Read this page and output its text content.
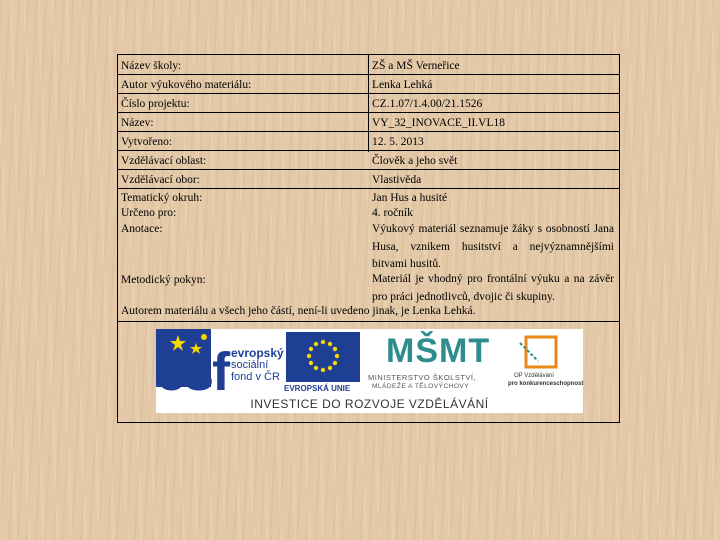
Název školy:	ZŠ a MŠ Verneřice
Autor výukového materiálu:	Lenka Lehká
Číslo projektu:	CZ.1.07/1.4.00/21.1526
Název:	VY_32_INOVACE_II.VL18
Vytvořeno:	12. 5. 2013
Vzdělávací oblast:	Člověk a jeho svět
Vzdělávací obor:	Vlastivěda
Tematický okruh:	Jan Hus a husité
Určeno pro:	4. ročník
Anotace:	Výukový materiál seznamuje žáky s osobností Jana Husa, vznikem husitství a nejvýznamnějšími bitvami husitů.
Metodický pokyn:	Materiál je vhodný pro frontální výuku a na závěr pro práci jednotlivců, dvojic či skupiny.
Autorem materiálu a všech jeho částí, není-li uvedeno jinak, je Lenka Lehká.
esf evropský
sociální
fond v ČR
EVROPSKÁ UNIE
MŠMT
MINISTERSTVO ŠKOLSTVÍ,
MLÁDEŽE A TĚLOVÝCHOVY
OP Vzdělávání
pro konkurenceschopnost
INVESTICE DO ROZVOJE VZDĚLÁVÁNÍ
